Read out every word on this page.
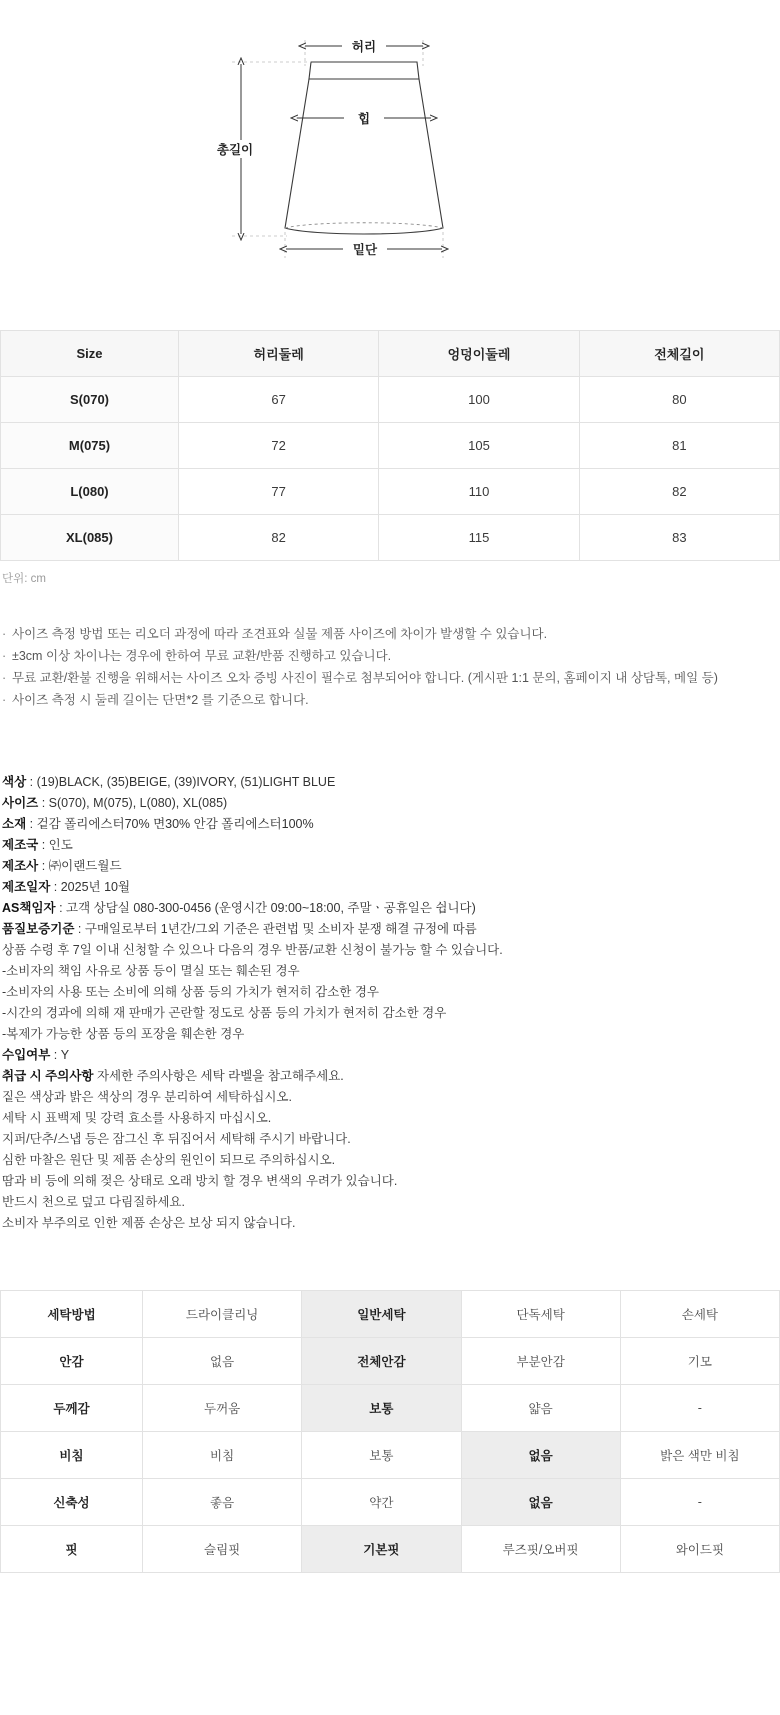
허리
힙
총길이
밑단
Size	허리둘레	엉덩이둘레	전체길이
S(070)	67	100	80
M(075)	72	105	81
L(080)	77	110	82
XL(085)	82	115	83
단위: cm
· 사이즈 측정 방법 또는 리오더 과정에 따라 조견표와 실물 제품 사이즈에 차이가 발생할 수 있습니다.
· ±3cm 이상 차이나는 경우에 한하여 무료 교환/반품 진행하고 있습니다.
· 무료 교환/환불 진행을 위해서는 사이즈 오차 증빙 사진이 필수로 첨부되어야 합니다. (게시판 1:1 문의, 홈페이지 내 상담톡, 메일 등)
· 사이즈 측정 시 둘레 길이는 단면*2 를 기준으로 합니다.
색상 : (19)BLACK, (35)BEIGE, (39)IVORY, (51)LIGHT BLUE
사이즈 : S(070), M(075), L(080), XL(085)
소재 : 겉감 폴리에스터70% 면30% 안감 폴리에스터100%
제조국 : 인도
제조사 : ㈜이랜드월드
제조일자 : 2025년 10월
AS책임자 : 고객 상담실 080-300-0456 (운영시간 09:00~18:00, 주말ㆍ공휴일은 쉽니다)
품질보증기준 : 구매일로부터 1년간/그외 기준은 관련법 및 소비자 분쟁 해결 규정에 따름
상품 수령 후 7일 이내 신청할 수 있으나 다음의 경우 반품/교환 신청이 불가능 할 수 있습니다.
-소비자의 책임 사유로 상품 등이 멸실 또는 훼손된 경우
-소비자의 사용 또는 소비에 의해 상품 등의 가치가 현저히 감소한 경우
-시간의 경과에 의해 재 판매가 곤란할 정도로 상품 등의 가치가 현저히 감소한 경우
-복제가 가능한 상품 등의 포장을 훼손한 경우
수입여부 : Y
취급 시 주의사항 자세한 주의사항은 세탁 라벨을 참고해주세요.
짙은 색상과 밝은 색상의 경우 분리하여 세탁하십시오.
세탁 시 표백제 및 강력 효소를 사용하지 마십시오.
지퍼/단추/스냅 등은 잠그신 후 뒤집어서 세탁해 주시기 바랍니다.
심한 마찰은 원단 및 제품 손상의 원인이 되므로 주의하십시오.
땀과 비 등에 의해 젖은 상태로 오래 방치 할 경우 변색의 우려가 있습니다.
반드시 천으로 덮고 다림질하세요.
소비자 부주의로 인한 제품 손상은 보상 되지 않습니다.
세탁방법	드라이클리닝	일반세탁	단독세탁	손세탁
안감	없음	전체안감	부분안감	기모
두께감	두꺼움	보통	얇음	-
비침	비침	보통	없음	밝은 색만 비침
신축성	좋음	약간	없음	-
핏	슬림핏	기본핏	루즈핏/오버핏	와이드핏
